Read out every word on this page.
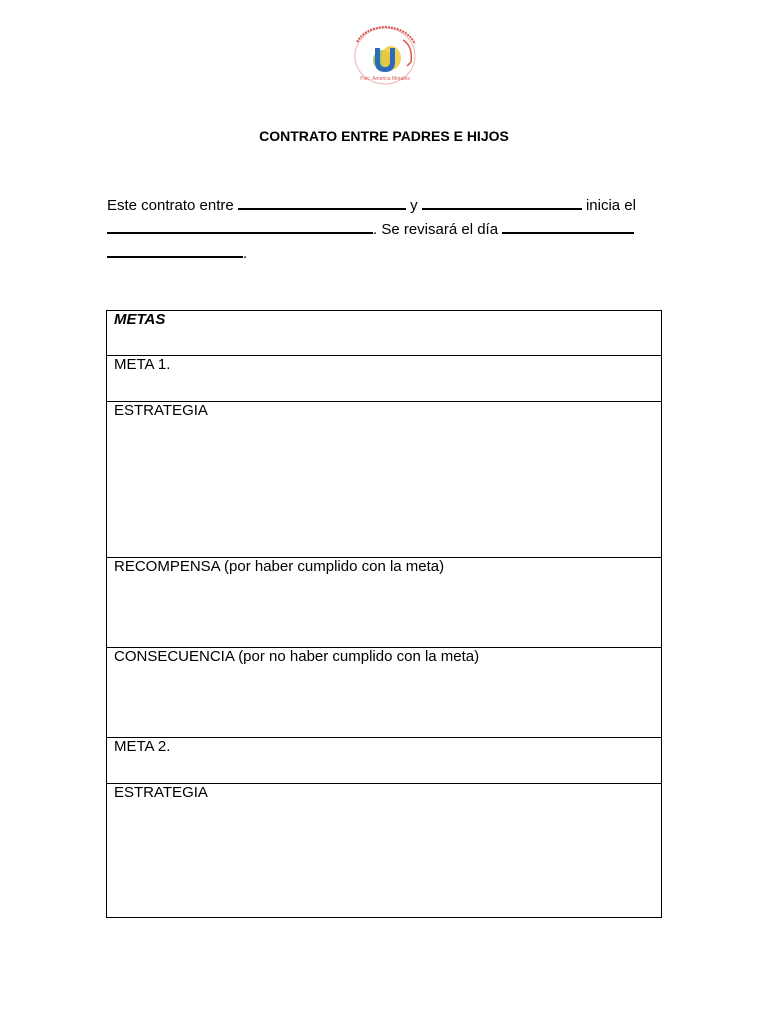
Psic. America Morales
CONTRATO ENTRE PADRES E HIJOS
Este contrato entre	y	inicia el
. Se revisará el día
.
METAS
META 1.
ESTRATEGIA
RECOMPENSA (por haber cumplido con la meta)
CONSECUENCIA (por no haber cumplido con la meta)
META 2.
ESTRATEGIA
